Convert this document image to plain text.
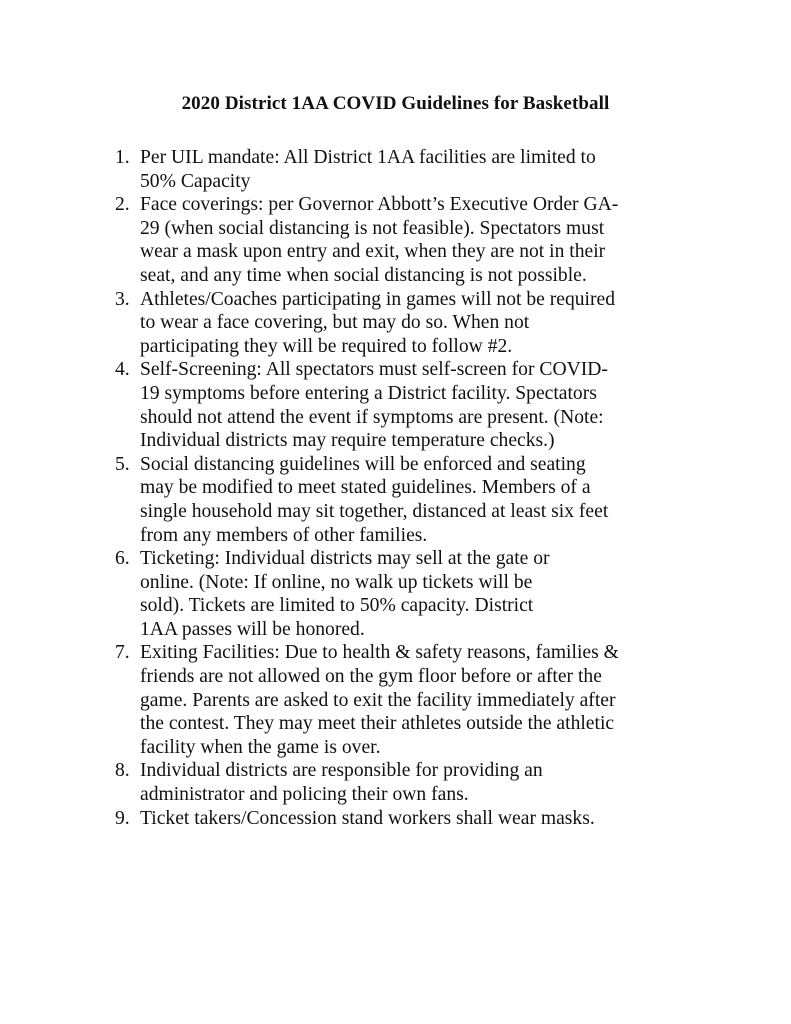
2020 District 1AA COVID Guidelines for Basketball
1. Per UIL mandate: All District 1AA facilities are limited to
50% Capacity
2. Face coverings: per Governor Abbott’s Executive Order GA-
29 (when social distancing is not feasible). Spectators must
wear a mask upon entry and exit, when they are not in their
seat, and any time when social distancing is not possible.
3. Athletes/Coaches participating in games will not be required
to wear a face covering, but may do so. When not
participating they will be required to follow #2.
4. Self-Screening: All spectators must self-screen for COVID-
19 symptoms before entering a District facility. Spectators
should not attend the event if symptoms are present. (Note:
Individual districts may require temperature checks.)
5. Social distancing guidelines will be enforced and seating
may be modified to meet stated guidelines. Members of a
single household may sit together, distanced at least six feet
from any members of other families.
6. Ticketing: Individual districts may sell at the gate or
online. (Note: If online, no walk up tickets will be
sold). Tickets are limited to 50% capacity. District
1AA passes will be honored.
7. Exiting Facilities: Due to health & safety reasons, families &
friends are not allowed on the gym floor before or after the
game. Parents are asked to exit the facility immediately after
the contest. They may meet their athletes outside the athletic
facility when the game is over.
8. Individual districts are responsible for providing an
administrator and policing their own fans.
9. Ticket takers/Concession stand workers shall wear masks.
